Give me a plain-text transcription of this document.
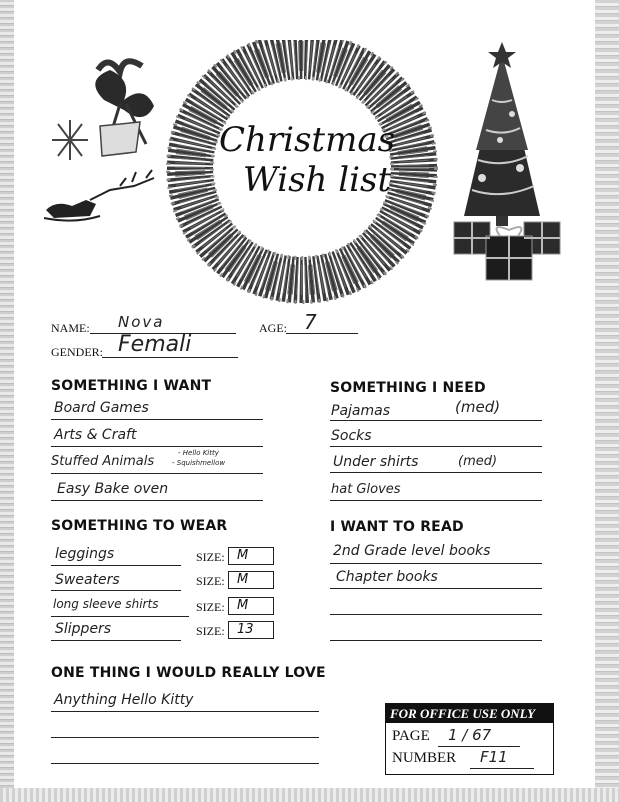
Christmas
Wish list
NAME: Nova	AGE: 7
GENDER: Femali
SOMETHING I WANT
Board Games
Arts & Craft
Stuffed Animals
- Hello Kitty
- Squishmellow
Easy Bake oven
SOMETHING I NEED
Pajamas	(med)
Socks
Under shirts	(med)
hat Gloves
SOMETHING TO WEAR
leggings	SIZE: M
Sweaters	SIZE: M
long sleeve shirts	SIZE: M
Slippers	SIZE: 13
I WANT TO READ
2nd Grade level books
Chapter books
ONE THING I WOULD REALLY LOVE
Anything Hello Kitty
FOR OFFICE USE ONLY
PAGE 1 / 67
NUMBER F11
